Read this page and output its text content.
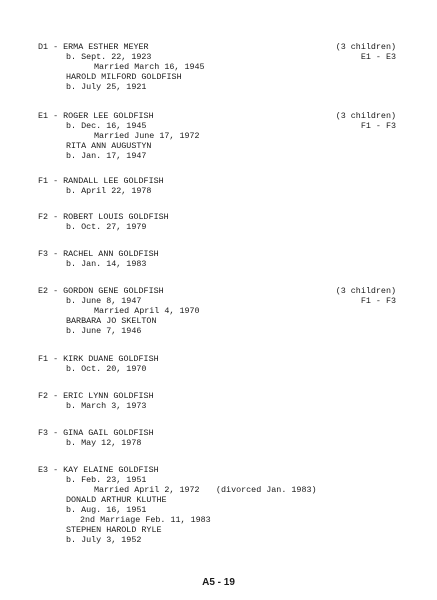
D1 - ERMA ESTHER MEYER
b. Sept. 22, 1923
Married March 16, 1945
HAROLD MILFORD GOLDFISH
b. July 25, 1921
(3 children)
E1 - E3
E1 - ROGER LEE GOLDFISH
b. Dec. 16, 1945
Married June 17, 1972
RITA ANN AUGUSTYN
b. Jan. 17, 1947
(3 children)
F1 - F3
F1 - RANDALL LEE GOLDFISH
b. April 22, 1978
F2 - ROBERT LOUIS GOLDFISH
b. Oct. 27, 1979
F3 - RACHEL ANN GOLDFISH
b. Jan. 14, 1983
E2 - GORDON GENE GOLDFISH
b. June 8, 1947
Married April 4, 1970
BARBARA JO SKELTON
b. June 7, 1946
(3 children)
F1 - F3
F1 - KIRK DUANE GOLDFISH
b. Oct. 20, 1970
F2 - ERIC LYNN GOLDFISH
b. March 3, 1973
F3 - GINA GAIL GOLDFISH
b. May 12, 1978
E3 - KAY ELAINE GOLDFISH
b. Feb. 23, 1951
Married April 2, 1972	(divorced Jan. 1983)
DONALD ARTHUR KLUTHE
b. Aug. 16, 1951
2nd Marriage Feb. 11, 1983
STEPHEN HAROLD RYLE
b. July 3, 1952
A5 - 19
